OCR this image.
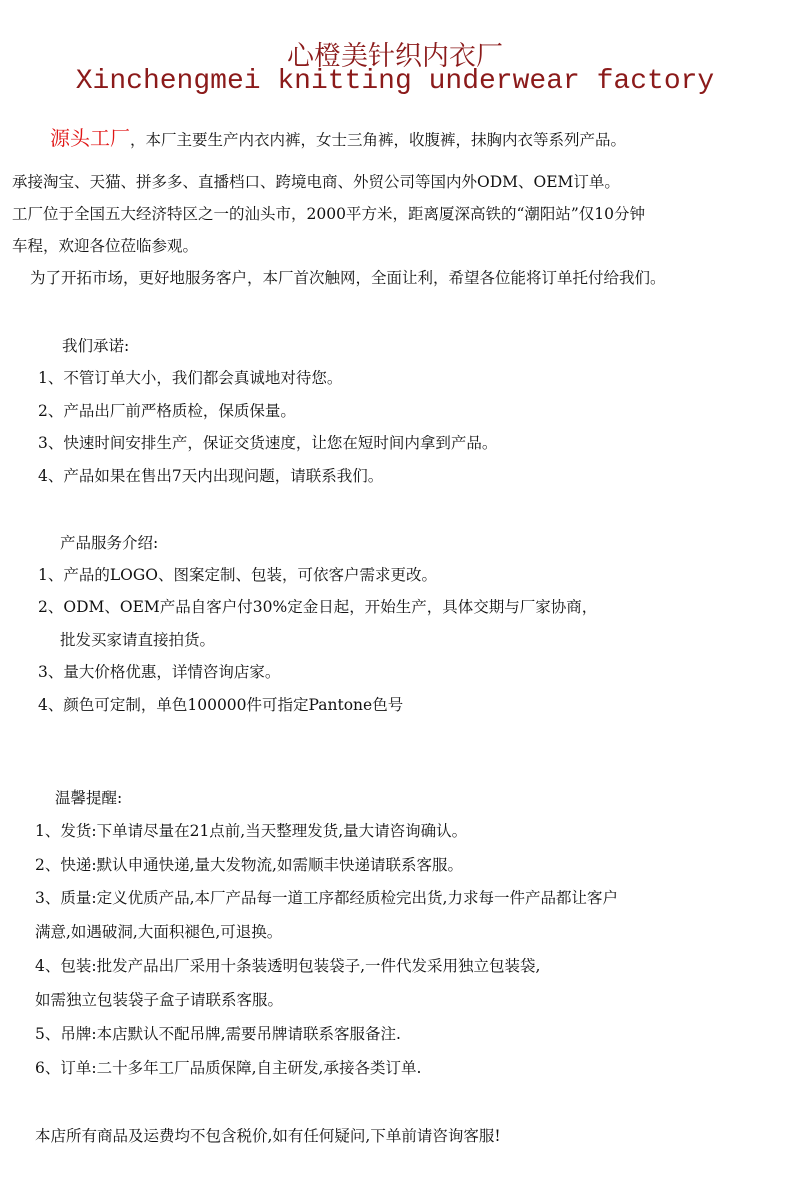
心橙美针织内衣厂
Xinchengmei knitting underwear factory
源头工厂，本厂主要生产内衣内裤，女士三角裤，收腹裤，抹胸内衣等系列产品。
承接淘宝、天猫、拼多多、直播档口、跨境电商、外贸公司等国内外ODM、OEM订单。
工厂位于全国五大经济特区之一的汕头市，2000平方米，距离厦深高铁的“潮阳站”仅10分钟
车程，欢迎各位莅临参观。
为了开拓市场，更好地服务客户，本厂首次触网，全面让利，希望各位能将订单托付给我们。
我们承诺:
1、不管订单大小，我们都会真诚地对待您。
2、产品出厂前严格质检，保质保量。
3、快速时间安排生产，保证交货速度，让您在短时间内拿到产品。
4、产品如果在售出7天内出现问题，请联系我们。
产品服务介绍:
1、产品的LOGO、图案定制、包装，可依客户需求更改。
2、ODM、OEM产品自客户付30%定金日起，开始生产，具体交期与厂家协商，
批发买家请直接拍货。
3、量大价格优惠，详情咨询店家。
4、颜色可定制，单色100000件可指定Pantone色号
温馨提醒:
1、发货:下单请尽量在21点前,当天整理发货,量大请咨询确认。
2、快递:默认申通快递,量大发物流,如需顺丰快递请联系客服。
3、质量:定义优质产品,本厂产品每一道工序都经质检完出货,力求每一件产品都让客户
满意,如遇破洞,大面积褪色,可退换。
4、包装:批发产品出厂采用十条装透明包装袋子,一件代发采用独立包装袋,
如需独立包装袋子盒子请联系客服。
5、吊牌:本店默认不配吊牌,需要吊牌请联系客服备注.
6、订单:二十多年工厂品质保障,自主研发,承接各类订单.
本店所有商品及运费均不包含税价,如有任何疑问,下单前请咨询客服!
